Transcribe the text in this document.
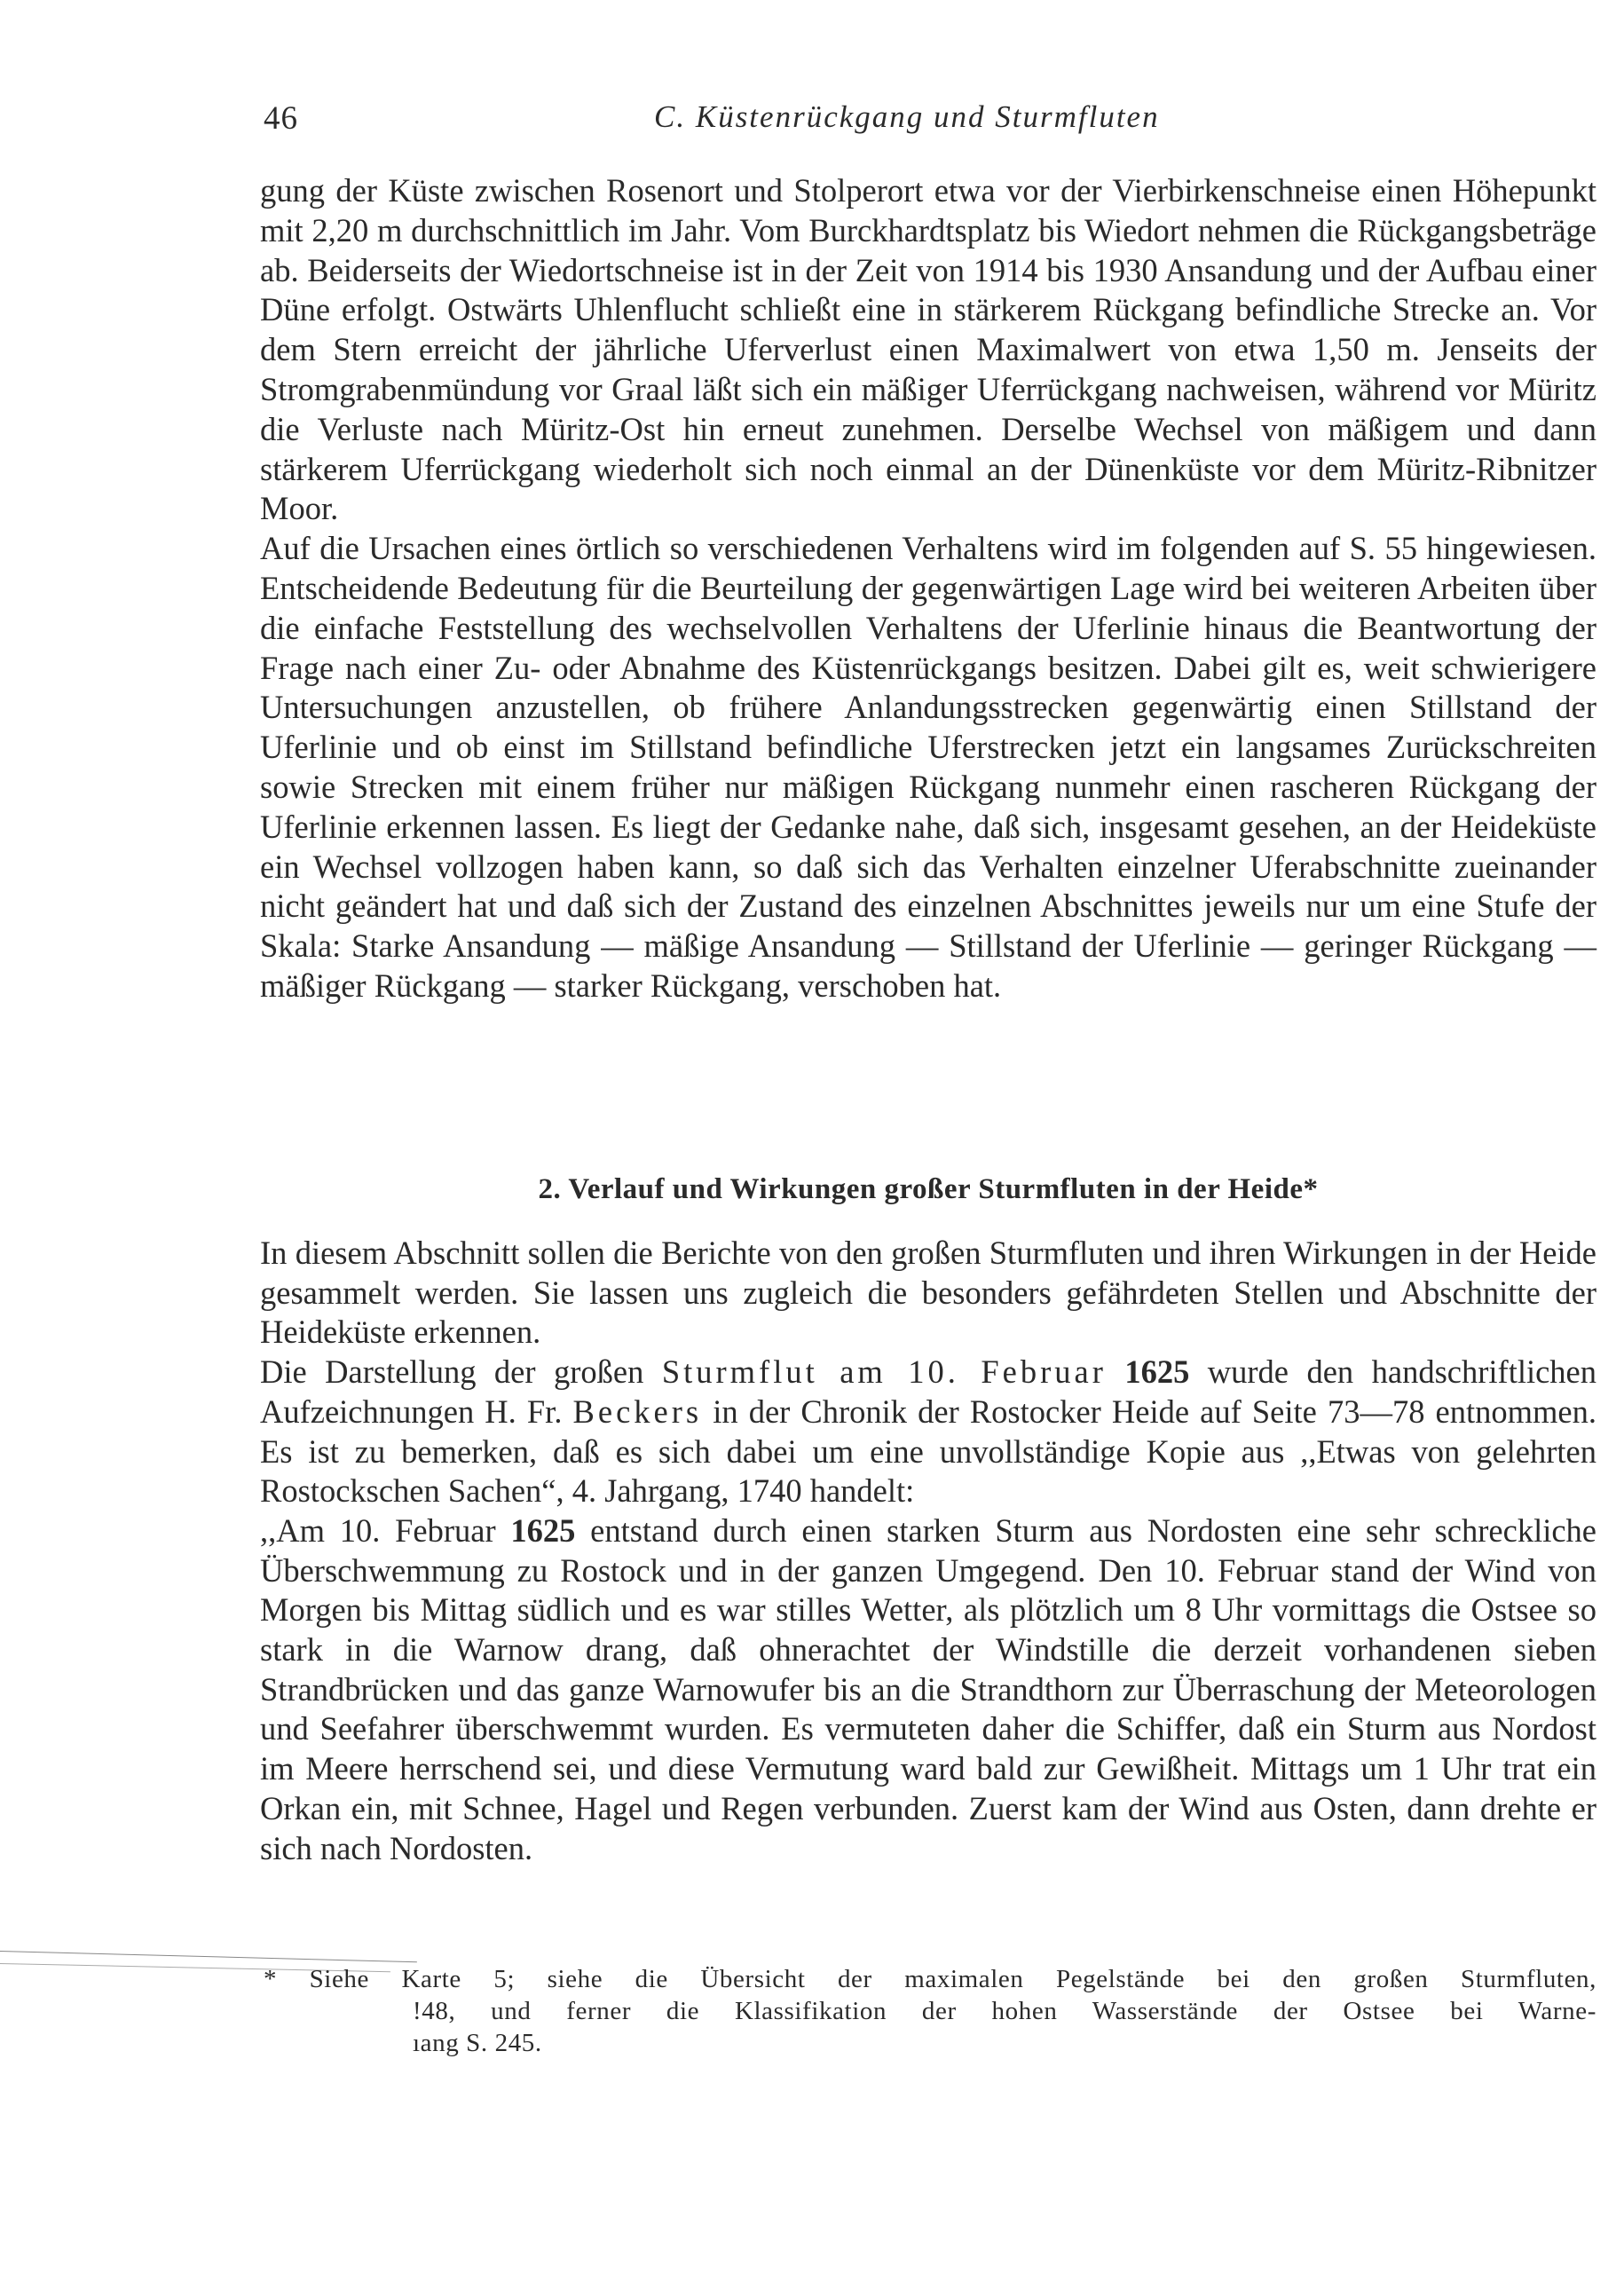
46	C. Küstenrückgang und Sturmfluten

gung der Küste zwischen Rosenort und Stolperort etwa vor der Vierbirkenschneise einen Höhepunkt mit 2,20 m durchschnittlich im Jahr. Vom Burckhardtsplatz bis Wiedort nehmen die Rückgangsbeträge ab. Beiderseits der Wiedortschneise ist in der Zeit von 1914 bis 1930 Ansandung und der Aufbau einer Düne erfolgt. Ostwärts Uhlenflucht schließt eine in stärkerem Rückgang befindliche Strecke an. Vor dem Stern erreicht der jährliche Uferverlust einen Maximalwert von etwa 1,50 m. Jenseits der Stromgrabenmündung vor Graal läßt sich ein mäßiger Uferrückgang nachweisen, während vor Müritz die Verluste nach Müritz-Ost hin erneut zunehmen. Derselbe Wechsel von mäßigem und dann stärkerem Uferrückgang wiederholt sich noch einmal an der Dünenküste vor dem Müritz-Ribnitzer Moor.

Auf die Ursachen eines örtlich so verschiedenen Verhaltens wird im folgenden auf S. 55 hingewiesen. Entscheidende Bedeutung für die Beurteilung der gegenwärtigen Lage wird bei weiteren Arbeiten über die einfache Feststellung des wechselvollen Verhaltens der Uferlinie hinaus die Beantwortung der Frage nach einer Zu- oder Abnahme des Küstenrückgangs besitzen. Dabei gilt es, weit schwierigere Untersuchungen anzustellen, ob frühere Anlandungsstrecken gegenwärtig einen Stillstand der Uferlinie und ob einst im Stillstand befindliche Uferstrecken jetzt ein langsames Zurückschreiten sowie Strecken mit einem früher nur mäßigen Rückgang nunmehr einen rascheren Rückgang der Uferlinie erkennen lassen. Es liegt der Gedanke nahe, daß sich, insgesamt gesehen, an der Heideküste ein Wechsel vollzogen haben kann, so daß sich das Verhalten einzelner Uferabschnitte zueinander nicht geändert hat und daß sich der Zustand des einzelnen Abschnittes jeweils nur um eine Stufe der Skala: Starke Ansandung — mäßige Ansandung — Stillstand der Uferlinie — geringer Rückgang — mäßiger Rückgang — starker Rückgang, verschoben hat.

2. Verlauf und Wirkungen großer Sturmfluten in der Heide*

In diesem Abschnitt sollen die Berichte von den großen Sturmfluten und ihren Wirkungen in der Heide gesammelt werden. Sie lassen uns zugleich die besonders gefährdeten Stellen und Abschnitte der Heideküste erkennen.

Die Darstellung der großen Sturmflut am 10. Februar 1625 wurde den handschriftlichen Aufzeichnungen H. Fr. Beckers in der Chronik der Rostocker Heide auf Seite 73—78 entnommen. Es ist zu bemerken, daß es sich dabei um eine unvollständige Kopie aus ,,Etwas von gelehrten Rostockschen Sachen“, 4. Jahrgang, 1740 handelt:

,,Am 10. Februar 1625 entstand durch einen starken Sturm aus Nordosten eine sehr schreckliche Überschwemmung zu Rostock und in der ganzen Umgegend. Den 10. Februar stand der Wind von Morgen bis Mittag südlich und es war stilles Wetter, als plötzlich um 8 Uhr vormittags die Ostsee so stark in die Warnow drang, daß ohnerachtet der Windstille die derzeit vorhandenen sieben Strandbrücken und das ganze Warnowufer bis an die Strandthorn zur Überraschung der Meteorologen und Seefahrer überschwemmt wurden. Es vermuteten daher die Schiffer, daß ein Sturm aus Nordost im Meere herrschend sei, und diese Vermutung ward bald zur Gewißheit. Mittags um 1 Uhr trat ein Orkan ein, mit Schnee, Hagel und Regen verbunden. Zuerst kam der Wind aus Osten, dann drehte er sich nach Nordosten.

* Siehe Karte 5; siehe die Übersicht der maximalen Pegelstände bei den großen Sturmfluten,
!48, und ferner die Klassifikation der hohen Wasserstände der Ostsee bei Warne-
ıang S. 245.
